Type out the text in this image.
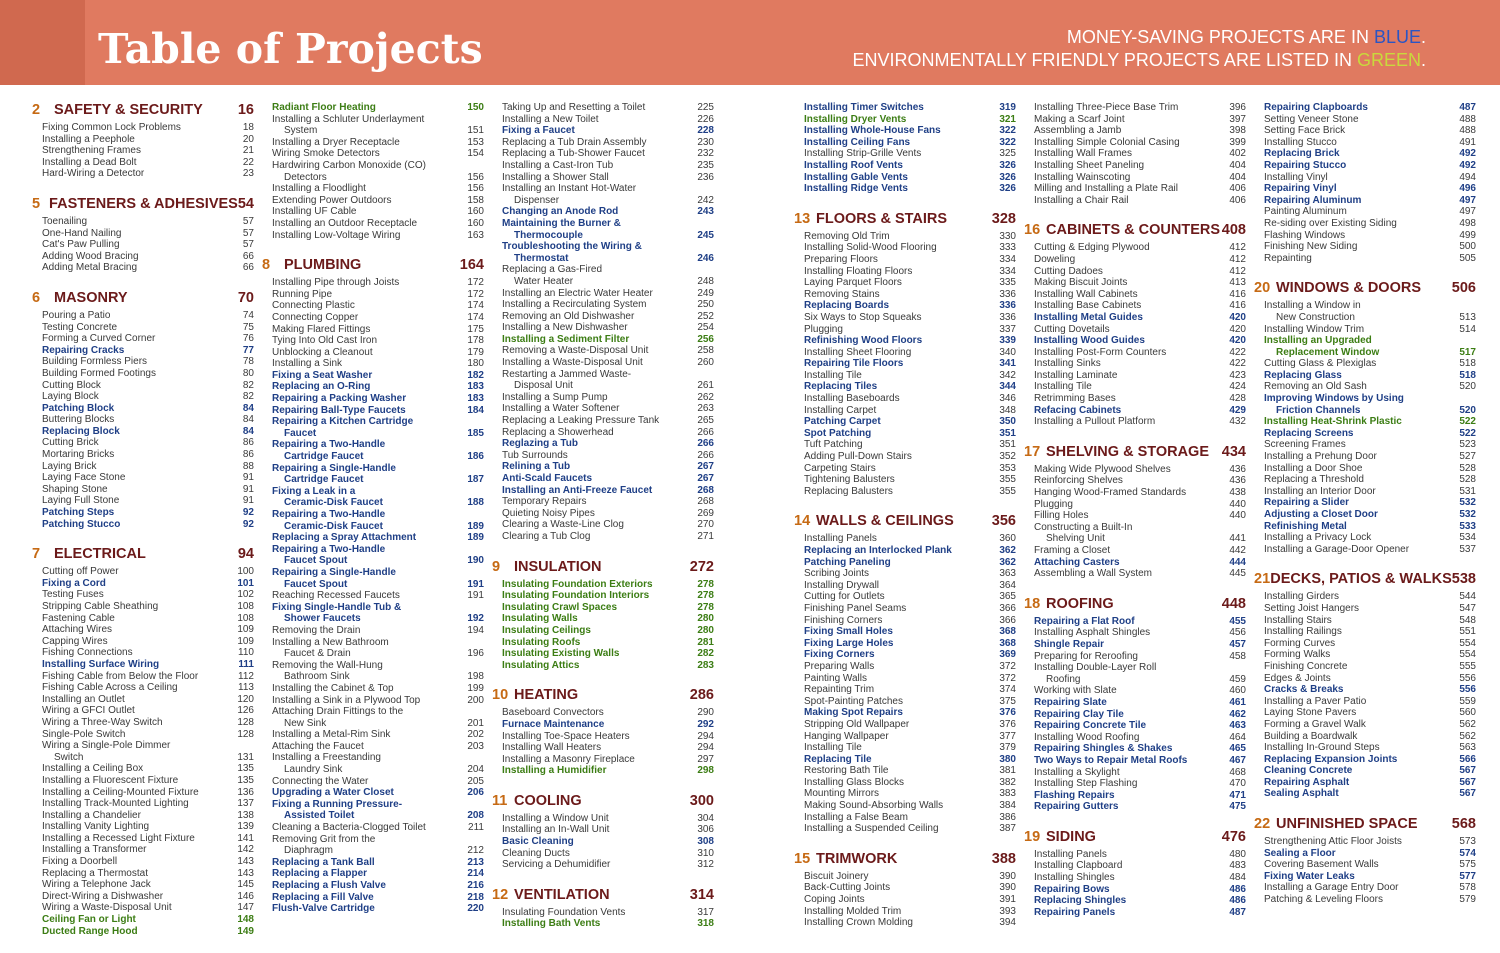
Table of Projects	MONEY-SAVING PROJECTS ARE IN BLUE.
ENVIRONMENTALLY FRIENDLY PROJECTS ARE LISTED IN GREEN.
2 SAFETY & SECURITY	16
Fixing Common Lock Problems	18
Installing a Peephole	20
Strengthening Frames	21
Installing a Dead Bolt	22
Hard-Wiring a Detector	23
5 FASTENERS & ADHESIVES 54
Toenailing	57
One-Hand Nailing	57
Cat's Paw Pulling	57
Adding Wood Bracing	66
Adding Metal Bracing	66
6 MASONRY	70
Pouring a Patio	74
Testing Concrete	75
Forming a Curved Corner	76
Repairing Cracks	77
Building Formless Piers	78
Building Formed Footings	80
Cutting Block	82
Laying Block	82
Patching Block	84
Buttering Blocks	84
Replacing Block	84
Cutting Brick	86
Mortaring Bricks	86
Laying Brick	88
Laying Face Stone	91
Shaping Stone	91
Laying Full Stone	91
Patching Steps	92
Patching Stucco	92
7 ELECTRICAL	94
Cutting off Power	100
Fixing a Cord	101
Testing Fuses	102
Stripping Cable Sheathing	108
Fastening Cable	108
Attaching Wires	109
Capping Wires	109
Fishing Connections	110
Installing Surface Wiring	111
Fishing Cable from Below the Floor	112
Fishing Cable Across a Ceiling	113
Installing an Outlet	120
Wiring a GFCI Outlet	126
Wiring a Three-Way Switch	128
Single-Pole Switch	128
Wiring a Single-Pole Dimmer
Switch	131
Installing a Ceiling Box	135
Installing a Fluorescent Fixture	135
Installing a Ceiling-Mounted Fixture	136
Installing Track-Mounted Lighting	137
Installing a Chandelier	138
Installing Vanity Lighting	139
Installing a Recessed Light Fixture	141
Installing a Transformer	142
Fixing a Doorbell	143
Replacing a Thermostat	143
Wiring a Telephone Jack	145
Direct-Wiring a Dishwasher	146
Wiring a Waste-Disposal Unit	147
Ceiling Fan or Light	148
Ducted Range Hood	149
Radiant Floor Heating	150
Installing a Schluter Underlayment
System	151
Installing a Dryer Receptacle	153
Wiring Smoke Detectors	154
Hardwiring Carbon Monoxide (CO)
Detectors	156
Installing a Floodlight	156
Extending Power Outdoors	158
Installing UF Cable	160
Installing an Outdoor Receptacle	160
Installing Low-Voltage Wiring	163
8 PLUMBING	164
Installing Pipe through Joists	172
Running Pipe	172
Connecting Plastic	174
Connecting Copper	174
Making Flared Fittings	175
Tying Into Old Cast Iron	178
Unblocking a Cleanout	179
Installing a Sink	180
Fixing a Seat Washer	182
Replacing an O-Ring	183
Repairing a Packing Washer	183
Repairing Ball-Type Faucets	184
Repairing a Kitchen Cartridge
Faucet	185
Repairing a Two-Handle
Cartridge Faucet	186
Repairing a Single-Handle
Cartridge Faucet	187
Fixing a Leak in a
Ceramic-Disk Faucet	188
Repairing a Two-Handle
Ceramic-Disk Faucet	189
Replacing a Spray Attachment	189
Repairing a Two-Handle
Faucet Spout	190
Repairing a Single-Handle
Faucet Spout	191
Reaching Recessed Faucets	191
Fixing Single-Handle Tub &
Shower Faucets	192
Removing the Drain	194
Installing a New Bathroom
Faucet & Drain	196
Removing the Wall-Hung
Bathroom Sink	198
Installing the Cabinet & Top	199
Installing a Sink in a Plywood Top	200
Attaching Drain Fittings to the
New Sink	201
Installing a Metal-Rim Sink	202
Attaching the Faucet	203
Installing a Freestanding
Laundry Sink	204
Connecting the Water	205
Upgrading a Water Closet	206
Fixing a Running Pressure-
Assisted Toilet	208
Cleaning a Bacteria-Clogged Toilet	211
Removing Grit from the
Diaphragm	212
Replacing a Tank Ball	213
Replacing a Flapper	214
Replacing a Flush Valve	216
Replacing a Fill Valve	218
Flush-Valve Cartridge	220
Taking Up and Resetting a Toilet	225
Installing a New Toilet	226
Fixing a Faucet	228
Replacing a Tub Drain Assembly	230
Replacing a Tub-Shower Faucet	232
Installing a Cast-Iron Tub	235
Installing a Shower Stall	236
Installing an Instant Hot-Water
Dispenser	242
Changing an Anode Rod	243
Maintaining the Burner &
Thermocouple	245
Troubleshooting the Wiring &
Thermostat	246
Replacing a Gas-Fired
Water Heater	248
Installing an Electric Water Heater	249
Installing a Recirculating System	250
Removing an Old Dishwasher	252
Installing a New Dishwasher	254
Installing a Sediment Filter	256
Removing a Waste-Disposal Unit	258
Installing a Waste-Disposal Unit	260
Restarting a Jammed Waste-
Disposal Unit	261
Installing a Sump Pump	262
Installing a Water Softener	263
Replacing a Leaking Pressure Tank	265
Replacing a Showerhead	266
Reglazing a Tub	266
Tub Surrounds	266
Relining a Tub	267
Anti-Scald Faucets	267
Installing an Anti-Freeze Faucet	268
Temporary Repairs	268
Quieting Noisy Pipes	269
Clearing a Waste-Line Clog	270
Clearing a Tub Clog	271
9 INSULATION	272
Insulating Foundation Exteriors	278
Insulating Foundation Interiors	278
Insulating Crawl Spaces	278
Insulating Walls	280
Insulating Ceilings	280
Insulating Roofs	281
Insulating Existing Walls	282
Insulating Attics	283
10 HEATING	286
Baseboard Convectors	290
Furnace Maintenance	292
Installing Toe-Space Heaters	294
Installing Wall Heaters	294
Installing a Masonry Fireplace	297
Installing a Humidifier	298
11 COOLING	300
Installing a Window Unit	304
Installing an In-Wall Unit	306
Basic Cleaning	308
Cleaning Ducts	310
Servicing a Dehumidifier	312
12 VENTILATION	314
Insulating Foundation Vents	317
Installing Bath Vents	318
Installing Timer Switches	319
Installing Dryer Vents	321
Installing Whole-House Fans	322
Installing Ceiling Fans	322
Installing Strip-Grille Vents	325
Installing Roof Vents	326
Installing Gable Vents	326
Installing Ridge Vents	326
13 FLOORS & STAIRS	328
Removing Old Trim	330
Installing Solid-Wood Flooring	333
Preparing Floors	334
Installing Floating Floors	334
Laying Parquet Floors	335
Removing Stains	336
Replacing Boards	336
Six Ways to Stop Squeaks	336
Plugging	337
Refinishing Wood Floors	339
Installing Sheet Flooring	340
Repairing Tile Floors	341
Installing Tile	342
Replacing Tiles	344
Installing Baseboards	346
Installing Carpet	348
Patching Carpet	350
Spot Patching	351
Tuft Patching	351
Adding Pull-Down Stairs	352
Carpeting Stairs	353
Tightening Balusters	355
Replacing Balusters	355
14 WALLS & CEILINGS	356
Installing Panels	360
Replacing an Interlocked Plank	362
Patching Paneling	362
Scribing Joints	363
Installing Drywall	364
Cutting for Outlets	365
Finishing Panel Seams	366
Finishing Corners	366
Fixing Small Holes	368
Fixing Large Holes	368
Fixing Corners	369
Preparing Walls	372
Painting Walls	372
Repainting Trim	374
Spot-Painting Patches	375
Making Spot Repairs	376
Stripping Old Wallpaper	376
Hanging Wallpaper	377
Installing Tile	379
Replacing Tile	380
Restoring Bath Tile	381
Installing Glass Blocks	382
Mounting Mirrors	383
Making Sound-Absorbing Walls	384
Installing a False Beam	386
Installing a Suspended Ceiling	387
15 TRIMWORK	388
Biscuit Joinery	390
Back-Cutting Joints	390
Coping Joints	391
Installing Molded Trim	393
Installing Crown Molding	394
Installing Three-Piece Base Trim	396
Making a Scarf Joint	397
Assembling a Jamb	398
Installing Simple Colonial Casing	399
Installing Wall Frames	402
Installing Sheet Paneling	404
Installing Wainscoting	404
Milling and Installing a Plate Rail	406
Installing a Chair Rail	406
16 CABINETS & COUNTERS 408
Cutting & Edging Plywood	412
Doweling	412
Cutting Dadoes	412
Making Biscuit Joints	413
Installing Wall Cabinets	416
Installing Base Cabinets	416
Installing Metal Guides	420
Cutting Dovetails	420
Installing Wood Guides	420
Installing Post-Form Counters	422
Installing Sinks	422
Installing Laminate	423
Installing Tile	424
Retrimming Bases	428
Refacing Cabinets	429
Installing a Pullout Platform	432
17 SHELVING & STORAGE 434
Making Wide Plywood Shelves	436
Reinforcing Shelves	436
Hanging Wood-Framed Standards	438
Plugging	440
Filling Holes	440
Constructing a Built-In
Shelving Unit	441
Framing a Closet	442
Attaching Casters	444
Assembling a Wall System	445
18 ROOFING	448
Repairing a Flat Roof	455
Installing Asphalt Shingles	456
Shingle Repair	457
Preparing for Reroofing	458
Installing Double-Layer Roll
Roofing	459
Working with Slate	460
Repairing Slate	461
Repairing Clay Tile	462
Repairing Concrete Tile	463
Installing Wood Roofing	464
Repairing Shingles & Shakes	465
Two Ways to Repair Metal Roofs	467
Installing a Skylight	468
Installing Step Flashing	470
Flashing Repairs	471
Repairing Gutters	475
19 SIDING	476
Installing Panels	480
Installing Clapboard	483
Installing Shingles	484
Repairing Bows	486
Replacing Shingles	486
Repairing Panels	487
Repairing Clapboards	487
Setting Veneer Stone	488
Setting Face Brick	488
Installing Stucco	491
Replacing Brick	492
Repairing Stucco	492
Installing Vinyl	494
Repairing Vinyl	496
Repairing Aluminum	497
Painting Aluminum	497
Re-siding over Existing Siding	498
Flashing Windows	499
Finishing New Siding	500
Repainting	505
20 WINDOWS & DOORS	506
Installing a Window in
New Construction	513
Installing Window Trim	514
Installing an Upgraded
Replacement Window	517
Cutting Glass & Plexiglas	518
Replacing Glass	518
Removing an Old Sash	520
Improving Windows by Using
Friction Channels	520
Installing Heat-Shrink Plastic	522
Replacing Screens	522
Screening Frames	523
Installing a Prehung Door	527
Installing a Door Shoe	528
Replacing a Threshold	528
Installing an Interior Door	531
Repairing a Slider	532
Adjusting a Closet Door	532
Refinishing Metal	533
Installing a Privacy Lock	534
Installing a Garage-Door Opener	537
21 DECKS, PATIOS & WALKS 538
Installing Girders	544
Setting Joist Hangers	547
Installing Stairs	548
Installing Railings	551
Forming Curves	554
Forming Walks	554
Finishing Concrete	555
Edges & Joints	556
Cracks & Breaks	556
Installing a Paver Patio	559
Laying Stone Pavers	560
Forming a Gravel Walk	562
Building a Boardwalk	562
Installing In-Ground Steps	563
Replacing Expansion Joints	566
Cleaning Concrete	567
Repairing Asphalt	567
Sealing Asphalt	567
22 UNFINISHED SPACE	568
Strengthening Attic Floor Joists	573
Sealing a Floor	574
Covering Basement Walls	575
Fixing Water Leaks	577
Installing a Garage Entry Door	578
Patching & Leveling Floors	579
